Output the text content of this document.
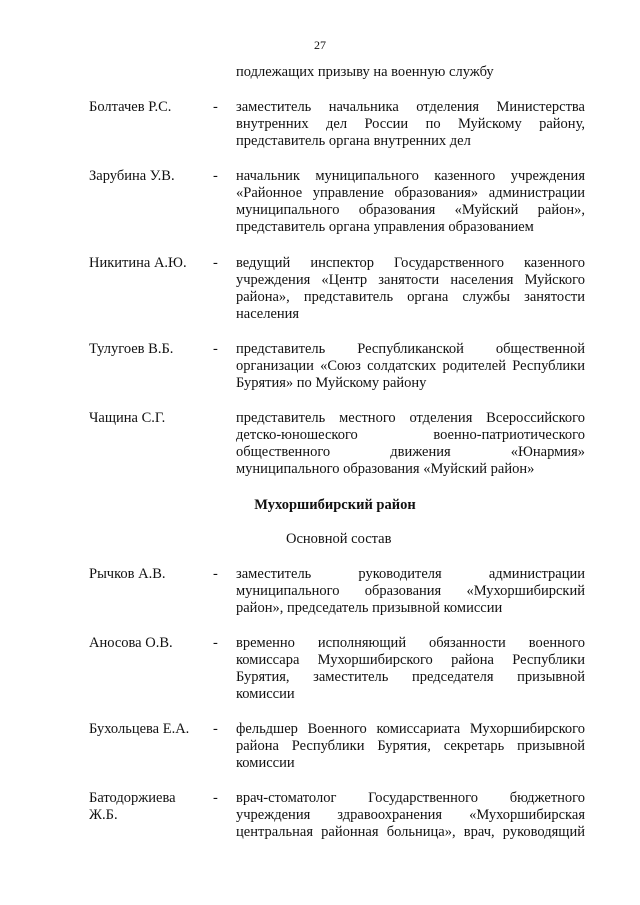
27
подлежащих призыву на военную службу
Болтачев Р.С.	- заместитель начальника отделения Министерства
внутренних дел России по Муйскому району,
представитель органа внутренних дел
Зарубина У.В.	- начальник муниципального казенного учреждения
«Районное управление образования» администрации
муниципального образования «Муйский район»,
представитель органа управления образованием
Никитина А.Ю.	- ведущий инспектор Государственного казенного
учреждения «Центр занятости населения Муйского
района», представитель органа службы занятости
населения
Тулугоев В.Б.	- представитель Республиканской общественной
организации «Союз солдатских родителей Республики
Бурятия» по Муйскому району
Чащина С.Г.	представитель местного отделения Всероссийского
детско-юношеского военно-патриотического
общественного движения «Юнармия»
муниципального образования «Муйский район»
Мухоршибирский район
Основной состав
Рычков А.В.	- заместитель руководителя администрации
муниципального образования «Мухоршибирский
район», председатель призывной комиссии
Аносова О.В.	- временно исполняющий обязанности военного
комиссара Мухоршибирского района Республики
Бурятия, заместитель председателя призывной
комиссии
Бухольцева Е.А.	- фельдшер Военного комиссариата Мухоршибирского
района Республики Бурятия, секретарь призывной
комиссии
Батодоржиева
Ж.Б.
- врач-стоматолог Государственного бюджетного
учреждения здравоохранения «Мухоршибирская
центральная районная больница», врач, руководящий
